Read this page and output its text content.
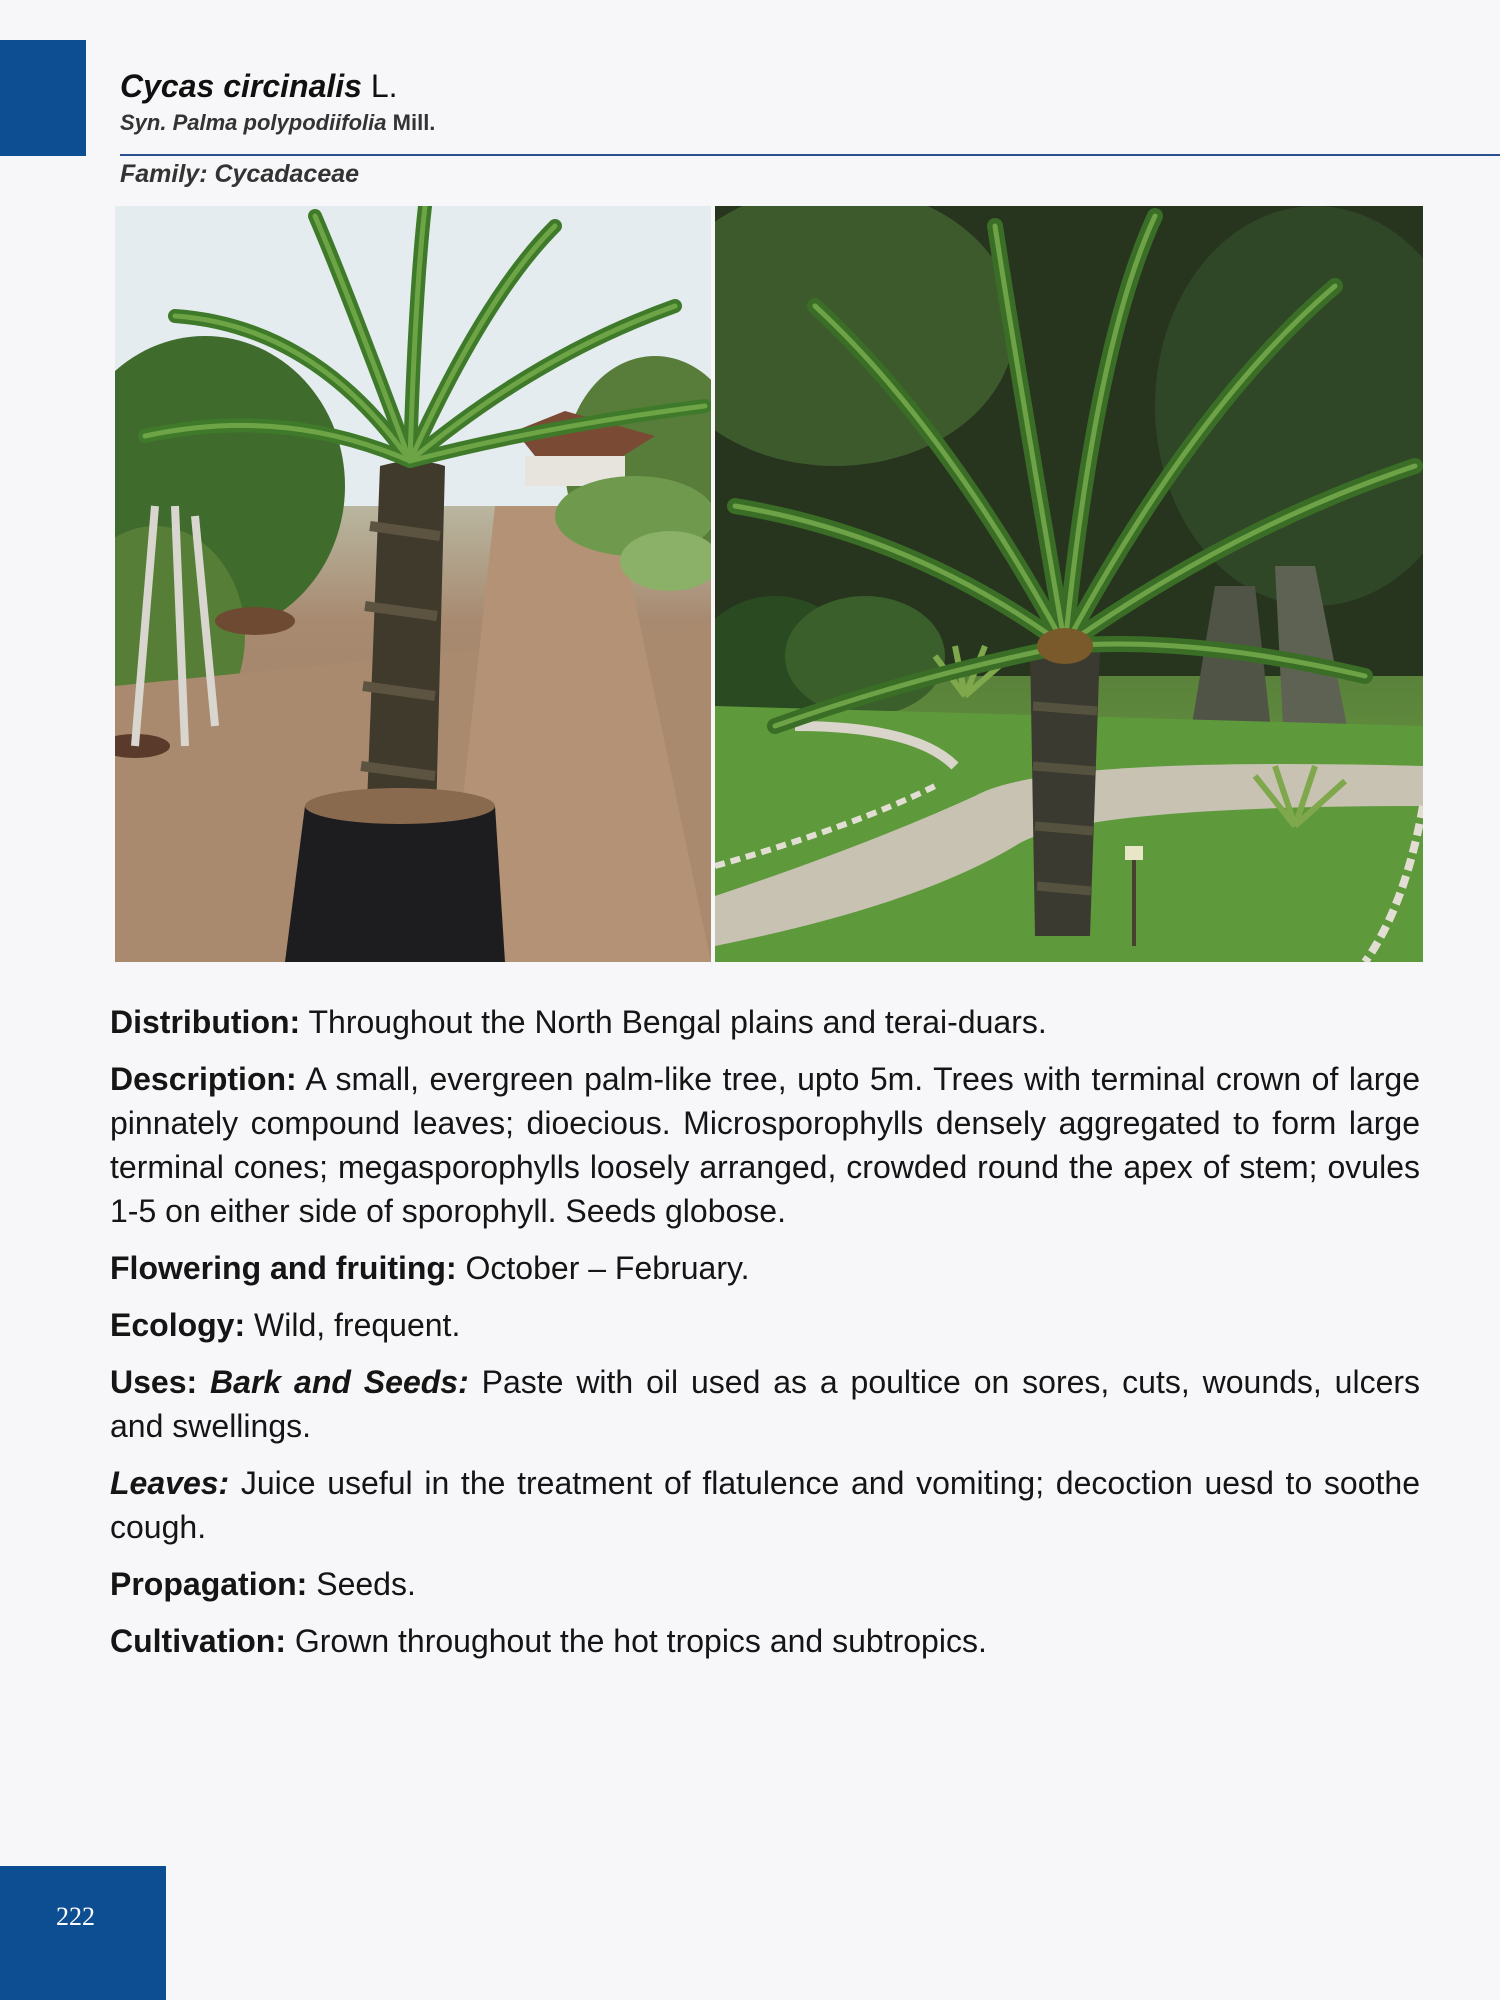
Cycas circinalis L.
Syn. Palma polypodiifolia Mill.
Family: Cycadaceae

Distribution: Throughout the North Bengal plains and terai-duars.

Description: A small, evergreen palm-like tree, upto 5m. Trees with terminal crown of large pinnately compound leaves; dioecious. Microsporophylls densely aggregated to form large terminal cones; megasporophylls loosely arranged, crowded round the apex of stem; ovules 1-5 on either side of sporophyll. Seeds globose.

Flowering and fruiting: October – February.

Ecology: Wild, frequent.

Uses: Bark and Seeds: Paste with oil used as a poultice on sores, cuts, wounds, ulcers and swellings.

Leaves: Juice useful in the treatment of flatulence and vomiting; decoction uesd to soothe cough.

Propagation: Seeds.

Cultivation: Grown throughout the hot tropics and subtropics.

222
